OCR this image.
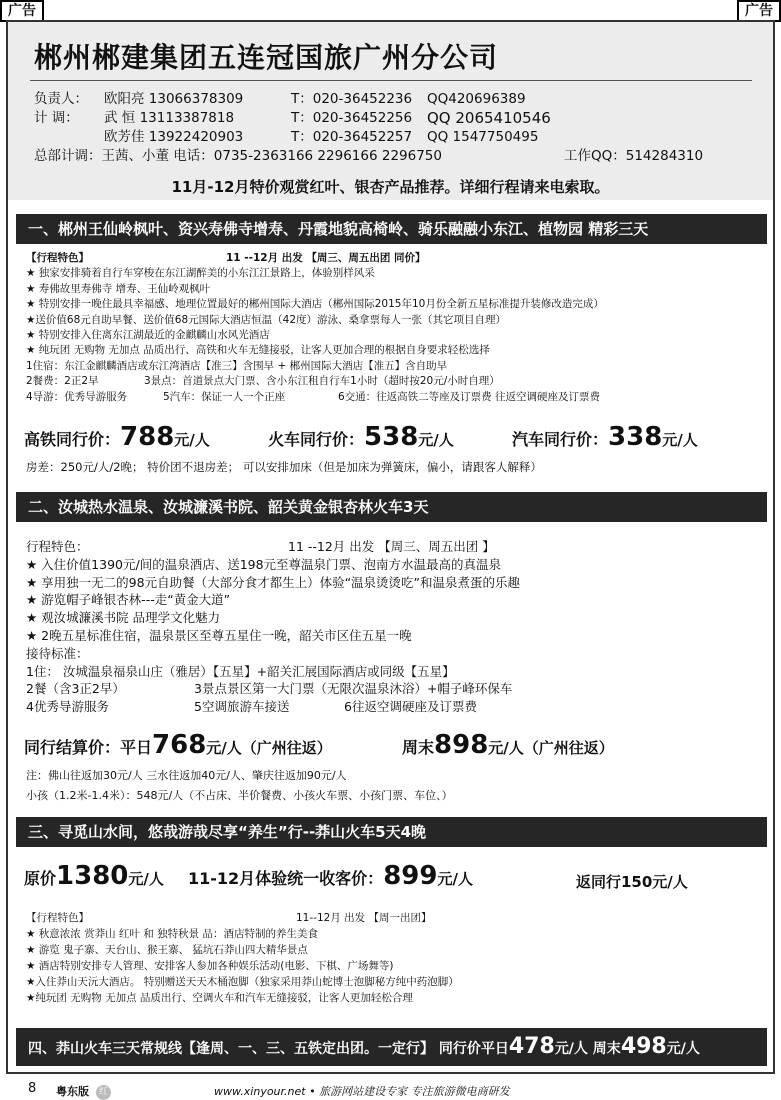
广告	广告
郴州郴建集团五连冠国旅广州分公司
负责人： 欧阳亮 13066378309	T：020-36452236 QQ420696389
计 调： 武 恒 13113387818	T：020-36452256 QQ 2065410546
欧芳佳 13922420903	T：020-36452257 QQ 1547750495
总部计调：王茜、小董 电话：0735-2363166 2296166 2296750	工作QQ：514284310
11月-12月特价观赏红叶、银杏产品推荐。详细行程请来电索取。
一、郴州王仙岭枫叶、资兴寿佛寺增寿、丹霞地貌高椅岭、骑乐融融小东江、植物园 精彩三天
【行程特色】	11 --12月 出发 【周三、周五出团 同价】
★ 独家安排骑着自行车穿梭在东江湖醉美的小东江江景路上，体验别样风采
★ 寿佛故里寿佛寺 增寿、王仙岭观枫叶
★ 特别安排一晚住最具幸福感、地理位置最好的郴州国际大酒店（郴州国际2015年10月份全新五星标准提升装修改造完成）
★送价值68元自助早餐、送价值68元国际大酒店恒温（42度）游泳、桑拿票每人一张（其它项目自理）
★ 特别安排入住离东江湖最近的金麒麟山水风光酒店
★ 纯玩团 无购物 无加点 品质出行、高铁和火车无缝接驳，让客人更加合理的根据自身要求轻松选择
1住宿：东江金麒麟酒店或东江湾酒店【准三】含围早 + 郴州国际大酒店【准五】含自助早
2餐费：2正2早	3景点：首道景点大门票、含小东江租自行车1小时（超时按20元/小时自理）
4导游：优秀导游服务	5汽车：保证一人一个正座	6交通：往返高铁二等座及订票费 往返空调硬座及订票费
高铁同行价：788元/人	火车同行价：538元/人	汽车同行价：338元/人
房差：250元/人/2晚； 特价团不退房差； 可以安排加床（但是加床为弹簧床，偏小，请跟客人解释）
二、汝城热水温泉、汝城濂溪书院、韶关黄金银杏林火车3天
行程特色：	11 --12月 出发 【周三、周五出团 】
★ 入住价值1390元/间的温泉酒店、送198元至尊温泉门票、泡南方水温最高的真温泉
★ 享用独一无二的98元自助餐（大部分食才都生上）体验“温泉烫烫吃”和温泉煮蛋的乐趣
★ 游览帽子峰银杏林---走“黄金大道”
★ 观汝城濂溪书院 品理学文化魅力
★ 2晚五星标准住宿，温泉景区至尊五星住一晚，韶关市区住五星一晚
接待标准：
1住： 汝城温泉福泉山庄（雅居）【五星】+韶关汇展国际酒店或同级【五星】
2餐（含3正2早）	3景点景区第一大门票（无限次温泉沐浴）+帽子峰环保车
4优秀导游服务	5空调旅游车接送	6往返空调硬座及订票费
同行结算价：平日768元/人（广州往返）	周末898元/人（广州往返）
注：佛山往返加30元/人 三水往返加40元/人、肇庆往返加90元/人
小孩（1.2米-1.4米）：548元/人（不占床、半价餐费、小孩火车票、小孩门票、车位、）
三、寻觅山水间，悠哉游哉尽享“养生”行--莽山火车5天4晚
原价1380元/人 11-12月体验统一收客价：899元/人	返同行150元/人
【行程特色】	11--12月 出发 【周一出团】
★ 秋意浓浓 赏莽山 红叶 和 独特秋景 品：酒店特制的养生美食
★ 游览 鬼子寨、天台山、猴王寨、 猛坑石莽山四大精华景点
★ 酒店特别安排专人管理、安排客人参加各种娱乐活动(电影、下棋、广场舞等)
★入住莽山天沅大酒店。 特别赠送天天木桶泡脚（独家采用莽山蛇博士泡脚秘方纯中药泡脚）
★纯玩团 无购物 无加点 品质出行、空调火车和汽车无缝接驳，让客人更加轻松合理
四、莽山火车三天常规线【逢周、一、三、五铁定出团。一定行】 同行价平日478元/人 周末498元/人
8 粤东版	红	www.xinyour.net • 旅游网站建设专家 专注旅游微电商研发
